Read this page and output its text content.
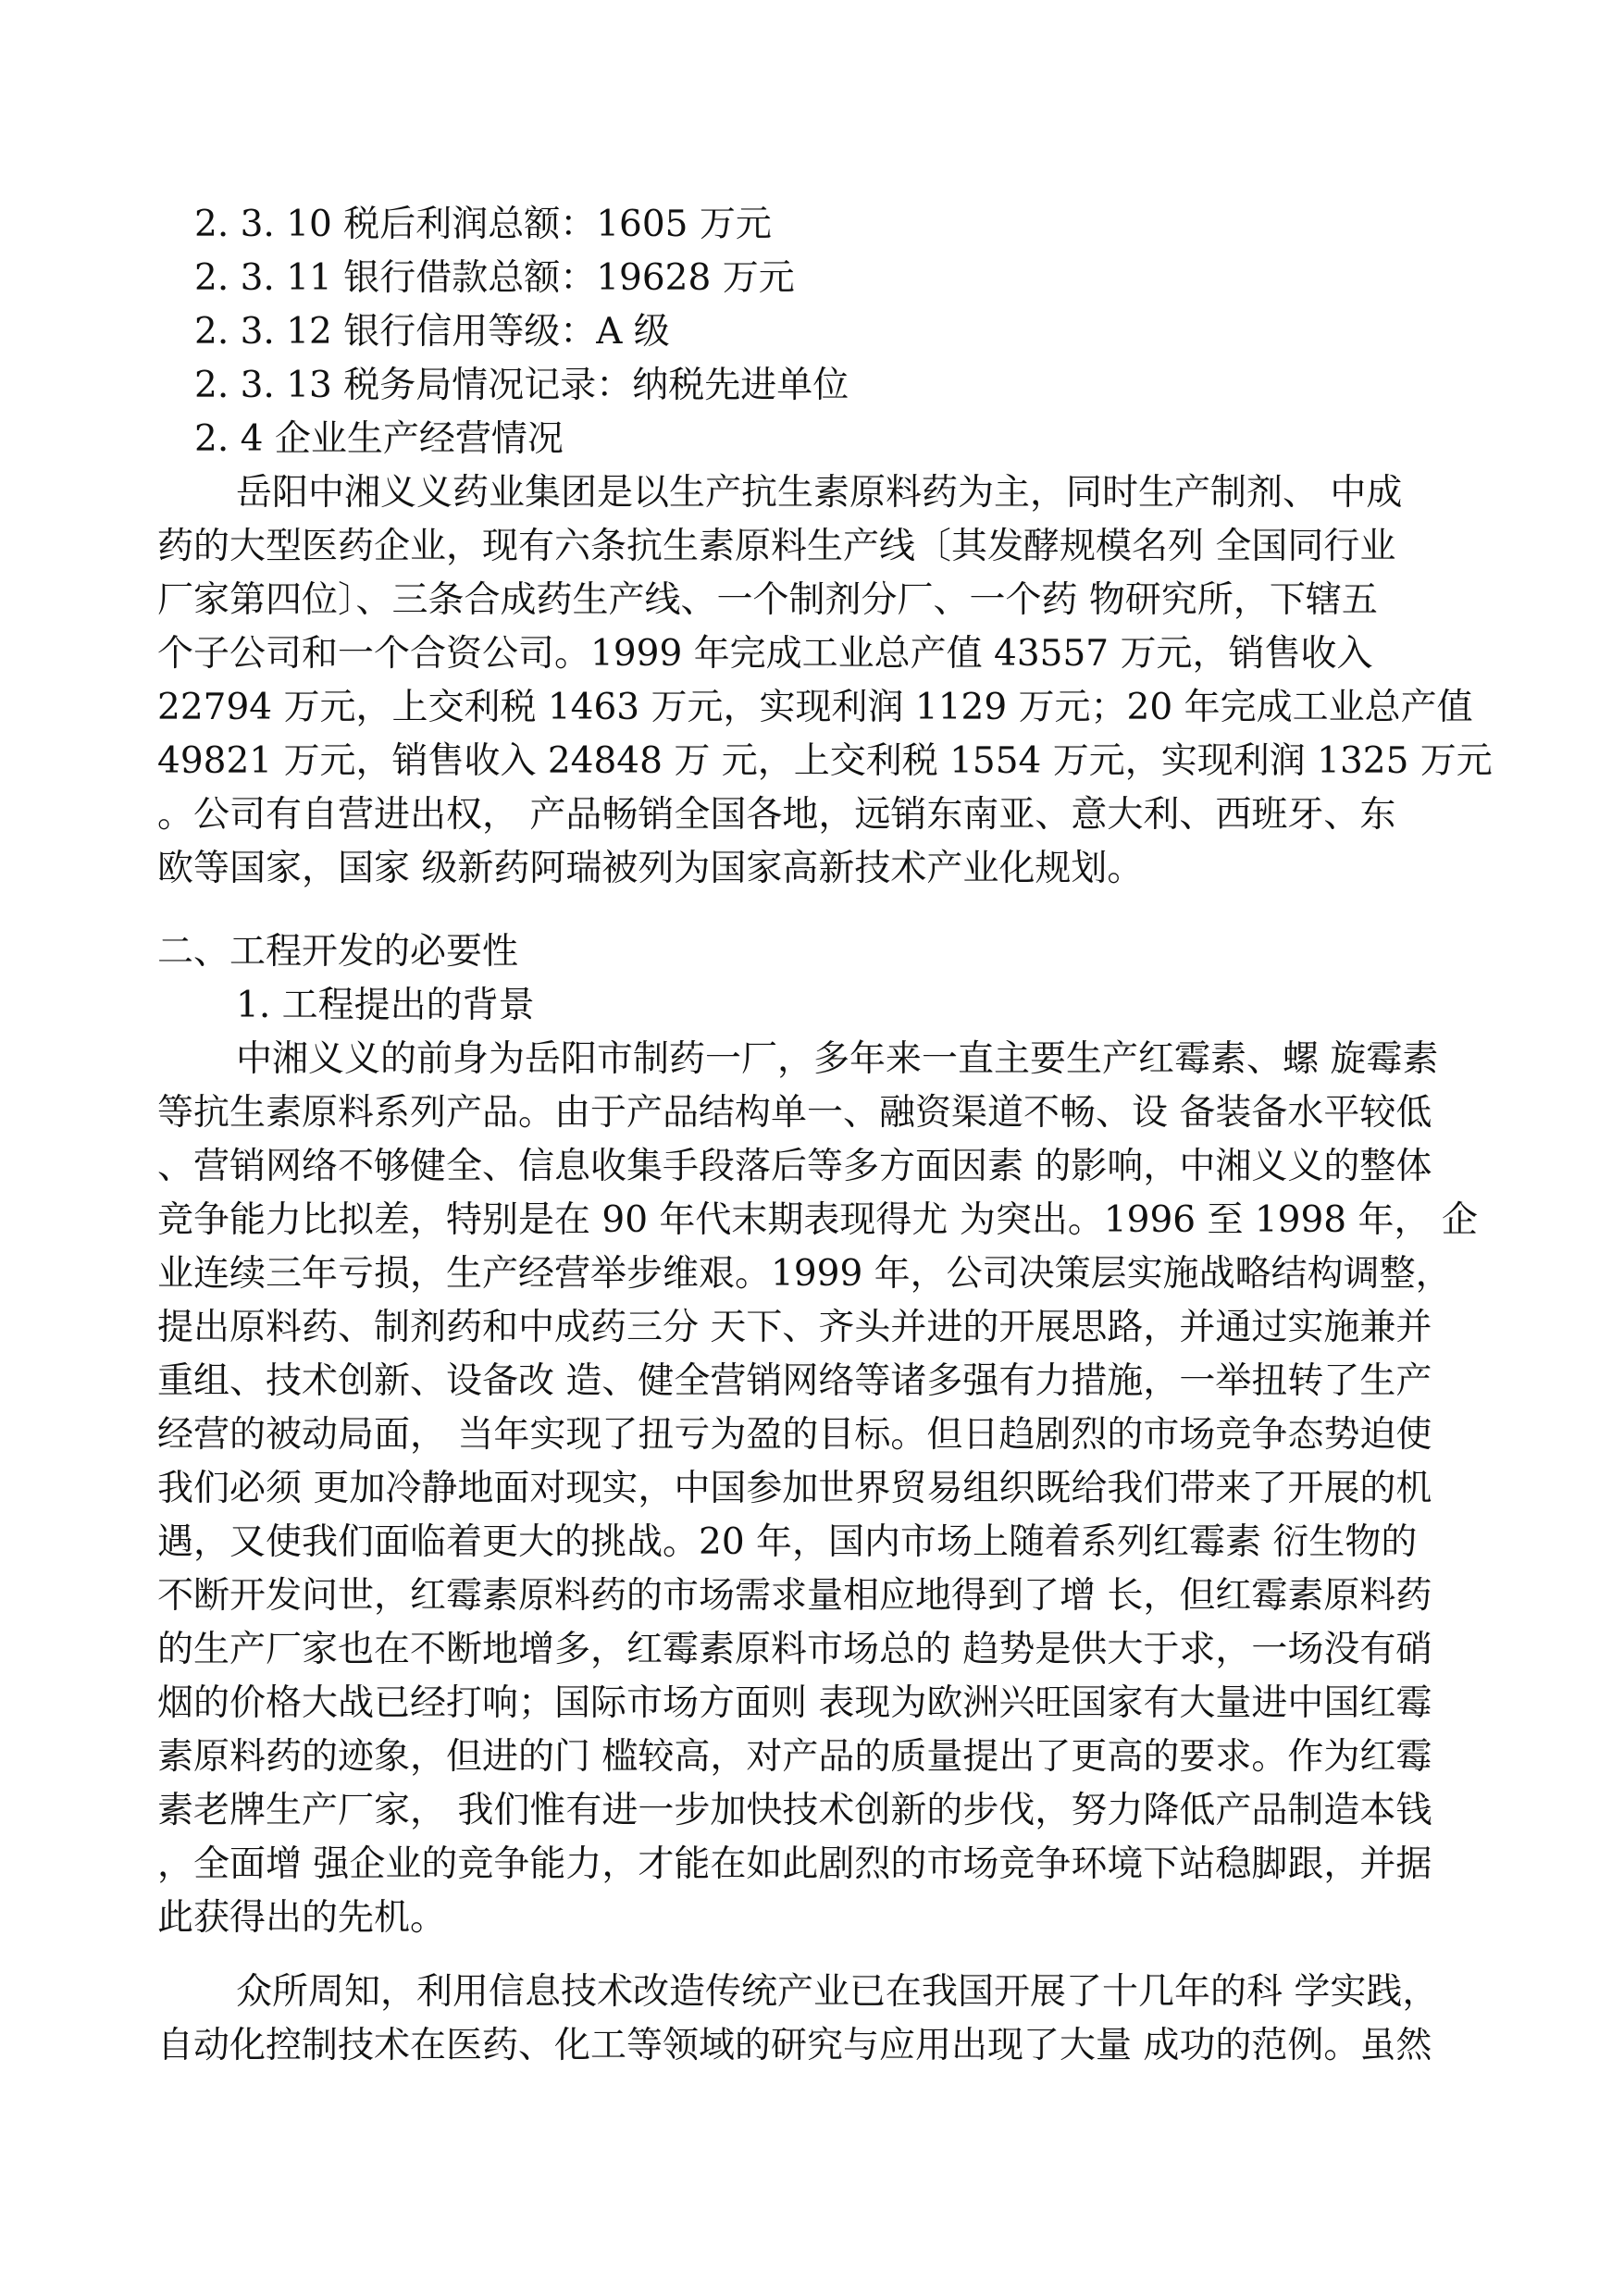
2. 3. 10 税后利润总额：1605 万元
2. 3. 11 银行借款总额：19628 万元
2. 3. 12 银行信用等级：A 级
2. 3. 13 税务局情况记录：纳税先进单位
2. 4 企业生产经营情况
岳阳中湘义义药业集团是以生产抗生素原料药为主，同时生产制剂、 中成
药的大型医药企业，现有六条抗生素原料生产线〔其发酵规模名列 全国同行业
厂家第四位〕、三条合成药生产线、一个制剂分厂、一个药 物研究所，下辖五
个子公司和一个合资公司。1999 年完成工业总产值 43557 万元，销售收入
22794 万元，上交利税 1463 万元，实现利润 1129 万元；20 年完成工业总产值
49821 万元，销售收入 24848 万 元，上交利税 1554 万元，实现利润 1325 万元
。公司有自营进出权， 产品畅销全国各地，远销东南亚、意大利、西班牙、东
欧等国家，国家 级新药阿瑞被列为国家高新技术产业化规划。
二、工程开发的必要性
1. 工程提出的背景
中湘义义的前身为岳阳市制药一厂，多年来一直主要生产红霉素、螺 旋霉素
等抗生素原料系列产品。由于产品结构单一、融资渠道不畅、设 备装备水平较低
、营销网络不够健全、信息收集手段落后等多方面因素 的影响，中湘义义的整体
竞争能力比拟差，特别是在 90 年代末期表现得尤 为突出。1996 至 1998 年， 企
业连续三年亏损，生产经营举步维艰。1999 年，公司决策层实施战略结构调整，
提出原料药、制剂药和中成药三分 天下、齐头并进的开展思路，并通过实施兼并
重组、技术创新、设备改 造、健全营销网络等诸多强有力措施，一举扭转了生产
经营的被动局面， 当年实现了扭亏为盈的目标。但日趋剧烈的市场竞争态势迫使
我们必须 更加冷静地面对现实，中国参加世界贸易组织既给我们带来了开展的机
遇，又使我们面临着更大的挑战。20 年，国内市场上随着系列红霉素 衍生物的
不断开发问世，红霉素原料药的市场需求量相应地得到了增 长，但红霉素原料药
的生产厂家也在不断地增多，红霉素原料市场总的 趋势是供大于求，一场没有硝
烟的价格大战已经打响；国际市场方面则 表现为欧洲兴旺国家有大量进中国红霉
素原料药的迹象，但进的门 槛较高，对产品的质量提出了更高的要求。作为红霉
素老牌生产厂家， 我们惟有进一步加快技术创新的步伐，努力降低产品制造本钱
，全面增 强企业的竞争能力，才能在如此剧烈的市场竞争环境下站稳脚跟，并据
此获得出的先机。
众所周知，利用信息技术改造传统产业已在我国开展了十几年的科 学实践，
自动化控制技术在医药、化工等领域的研究与应用出现了大量 成功的范例。虽然
